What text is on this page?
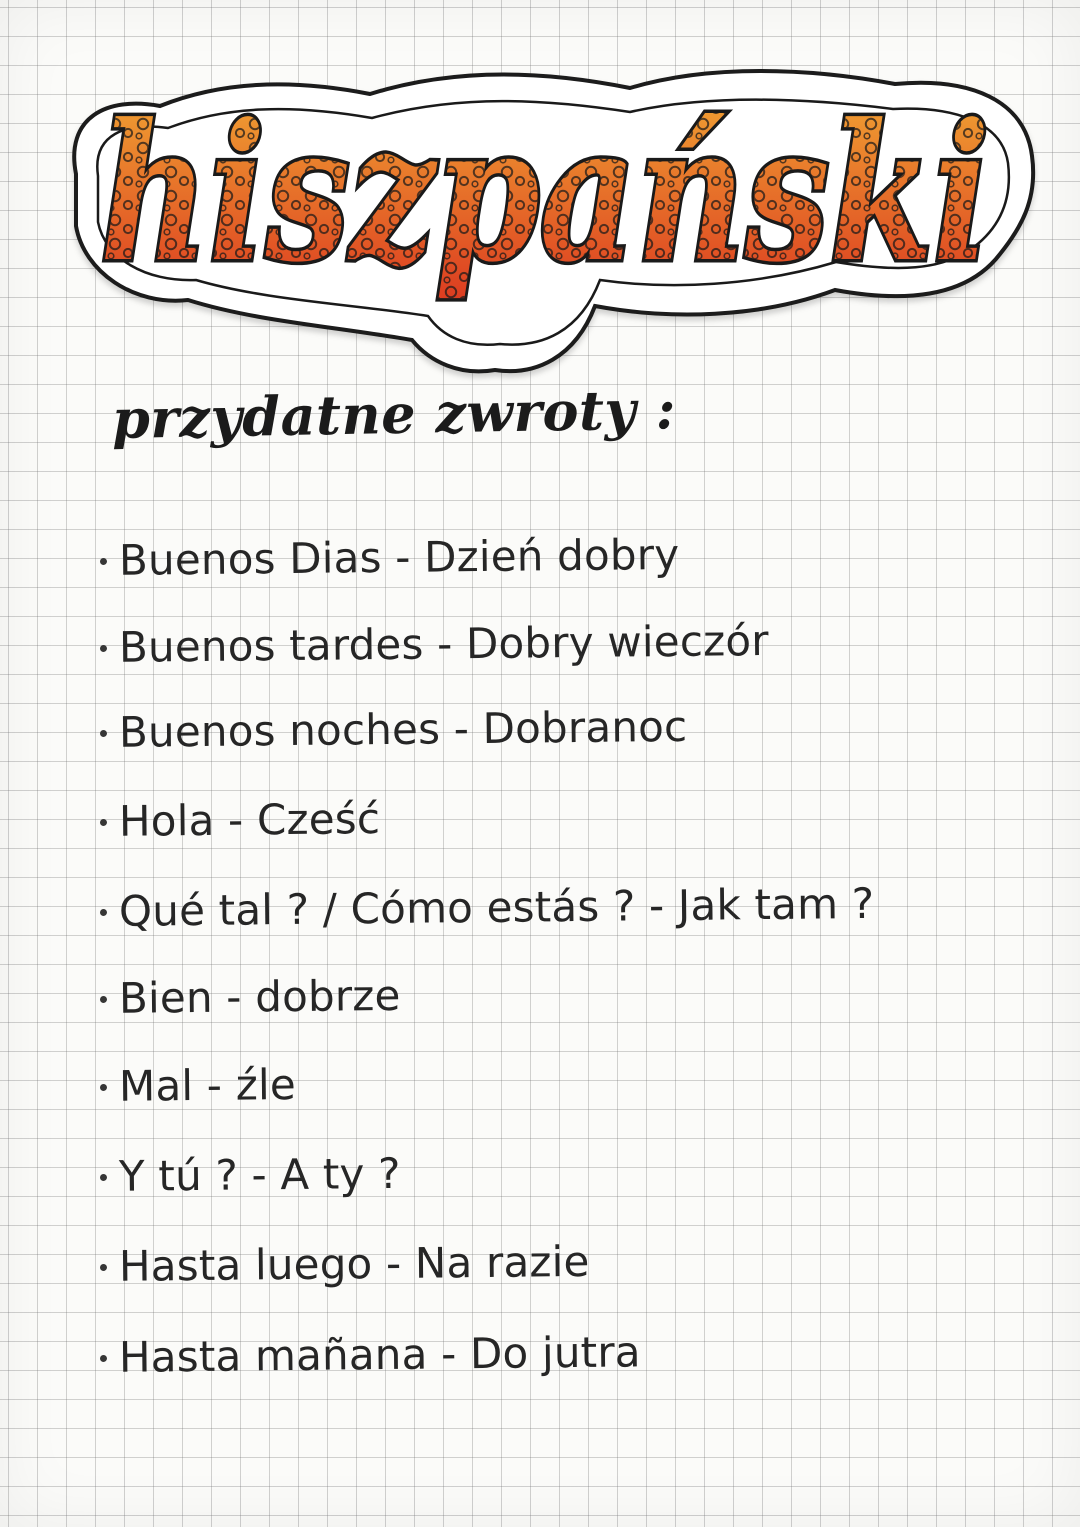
hiszpański
hiszpański
przydatne zwroty :
Buenos Dias - Dzień dobry
Buenos tardes - Dobry wieczór
Buenos noches - Dobranoc
Hola - Cześć
Qué tal ? / Cómo estás ? - Jak tam ?
Bien - dobrze
Mal - źle
Y tú ? - A ty ?
Hasta luego - Na razie
Hasta mañana - Do jutra
